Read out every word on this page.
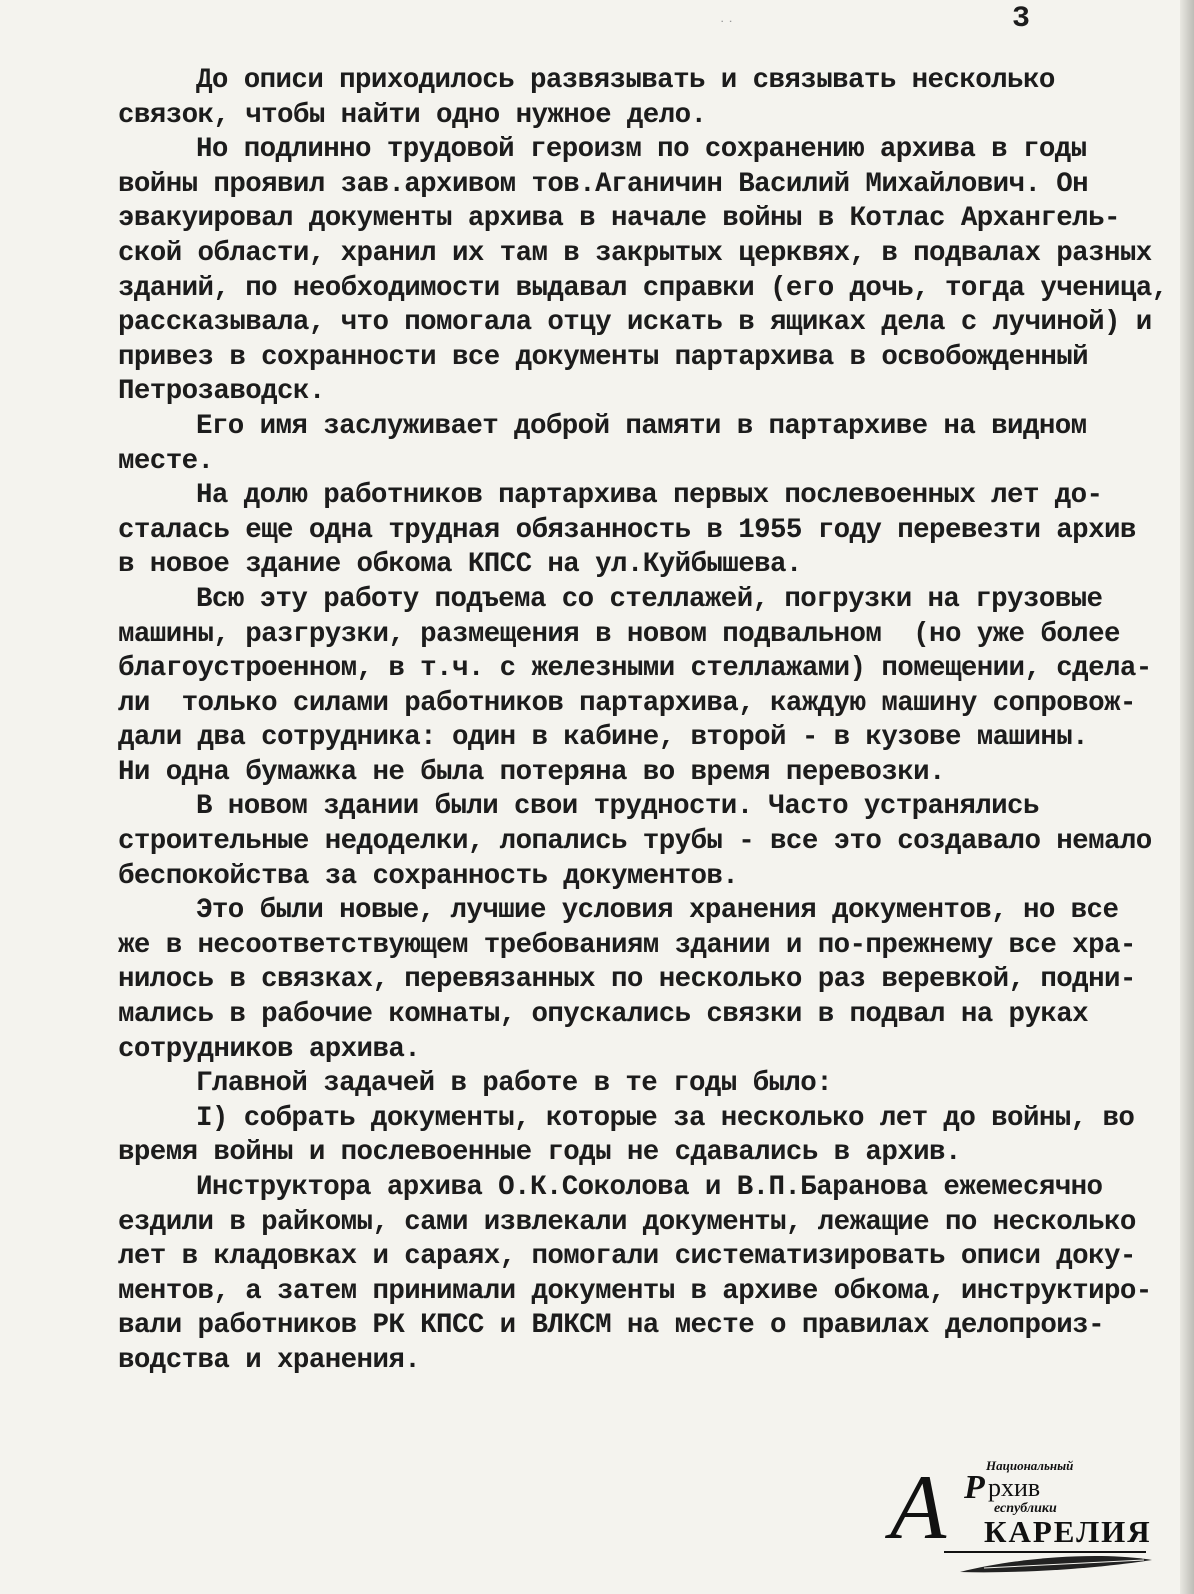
˙˙	3
До описи приходилось развязывать и связывать несколько
связок, чтобы найти одно нужное дело.
Но подлинно трудовой героизм по сохранению архива в годы
войны проявил зав.архивом тов.Аганичин Василий Михайлович. Он
эвакуировал документы архива в начале войны в Котлас Архангель-
ской области, хранил их там в закрытых церквях, в подвалах разных
зданий, по необходимости выдавал справки (его дочь, тогда ученица,
рассказывала, что помогала отцу искать в ящиках дела с лучиной) и
привез в сохранности все документы партархива в освобожденный
Петрозаводск.
Его имя заслуживает доброй памяти в партархиве на видном
месте.
На долю работников партархива первых послевоенных лет до-
сталась еще одна трудная обязанность в 1955 году перевезти архив
в новое здание обкома КПСС на ул.Куйбышева.
Всю эту работу подъема со стеллажей, погрузки на грузовые
машины, разгрузки, размещения в новом подвальном  (но уже более
благоустроенном, в т.ч. с железными стеллажами) помещении, сдела-
ли  только силами работников партархива, каждую машину сопровож-
дали два сотрудника: один в кабине, второй - в кузове машины.
Ни одна бумажка не была потеряна во время перевозки.
В новом здании были свои трудности. Часто устранялись
строительные недоделки, лопались трубы - все это создавало немало
беспокойства за сохранность документов.
Это были новые, лучшие условия хранения документов, но все
же в несоответствующем требованиям здании и по-прежнему все хра-
нилось в связках, перевязанных по несколько раз веревкой, подни-
мались в рабочие комнаты, опускались связки в подвал на руках
сотрудников архива.
Главной задачей в работе в те годы было:
I) собрать документы, которые за несколько лет до войны, во
время войны и послевоенные годы не сдавались в архив.
Инструктора архива О.К.Соколова и В.П.Баранова ежемесячно
ездили в райкомы, сами извлекали документы, лежащие по несколько
лет в кладовках и сараях, помогали систематизировать описи доку-
ментов, а затем принимали документы в архиве обкома, инструктиро-
вали работников РК КПСС и ВЛКСМ на месте о правилах делопроиз-
водства и хранения.
А Р
Национальный
рхив
еспублики
КАРЕЛИЯ
